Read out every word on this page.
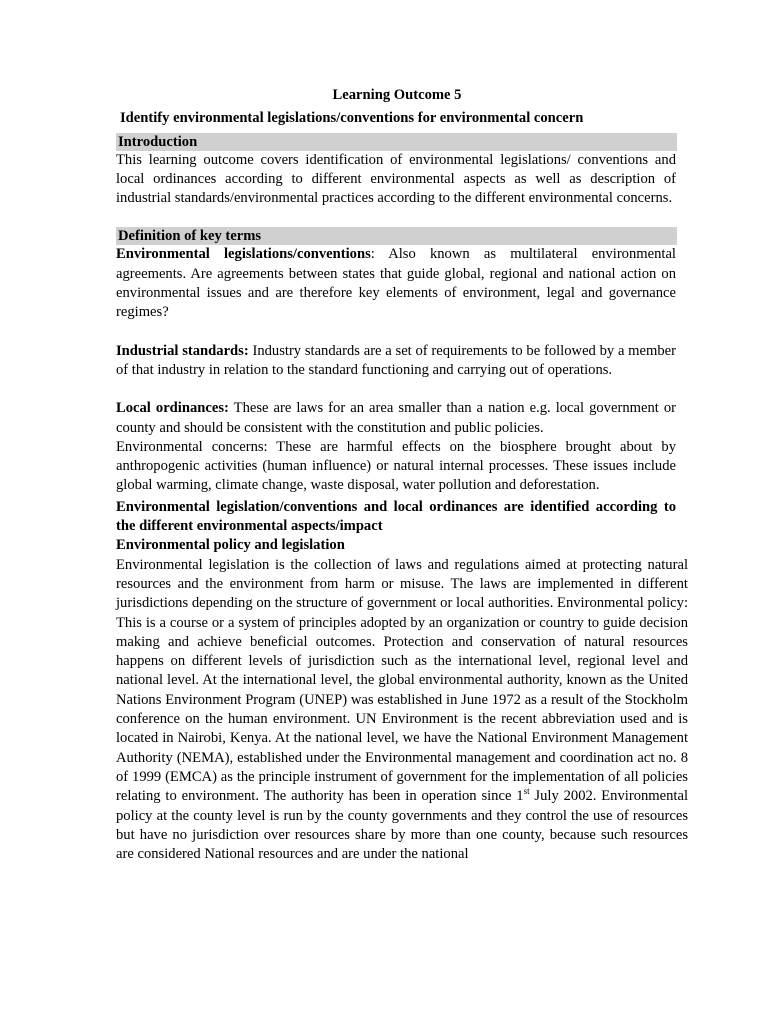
Learning Outcome 5
Identify environmental legislations/conventions for environmental concern
Introduction

This learning outcome covers identification of environmental legislations/ conventions and local ordinances according to different environmental aspects as well as description of industrial standards/environmental practices according to the different environmental concerns.

Definition of key terms

Environmental legislations/conventions: Also known as multilateral environmental agreements. Are agreements between states that guide global, regional and national action on environmental issues and are therefore key elements of environment, legal and governance regimes?

Industrial standards: Industry standards are a set of requirements to be followed by a member of that industry in relation to the standard functioning and carrying out of operations.

Local ordinances: These are laws for an area smaller than a nation e.g. local government or county and should be consistent with the constitution and public policies.

Environmental concerns: These are harmful effects on the biosphere brought about by anthropogenic activities (human influence) or natural internal processes. These issues include global warming, climate change, waste disposal, water pollution and deforestation.

Environmental legislation/conventions and local ordinances are identified according to the different environmental aspects/impact

Environmental policy and legislation

Environmental legislation is the collection of laws and regulations aimed at protecting natural resources and the environment from harm or misuse. The laws are implemented in different jurisdictions depending on the structure of government or local authorities. Environmental policy: This is a course or a system of principles adopted by an organization or country to guide decision making and achieve beneficial outcomes. Protection and conservation of natural resources happens on different levels of jurisdiction such as the international level, regional level and national level. At the international level, the global environmental authority, known as the United Nations Environment Program (UNEP) was established in June 1972 as a result of the Stockholm conference on the human environment. UN Environment is the recent abbreviation used and is located in Nairobi, Kenya. At the national level, we have the National Environment Management Authority (NEMA), established under the Environmental management and coordination act no. 8 of 1999 (EMCA) as the principle instrument of government for the implementation of all policies relating to environment. The authority has been in operation since 1st July 2002. Environmental policy at the county level is run by the county governments and they control the use of resources but have no jurisdiction over resources share by more than one county, because such resources are considered National resources and are under the national
